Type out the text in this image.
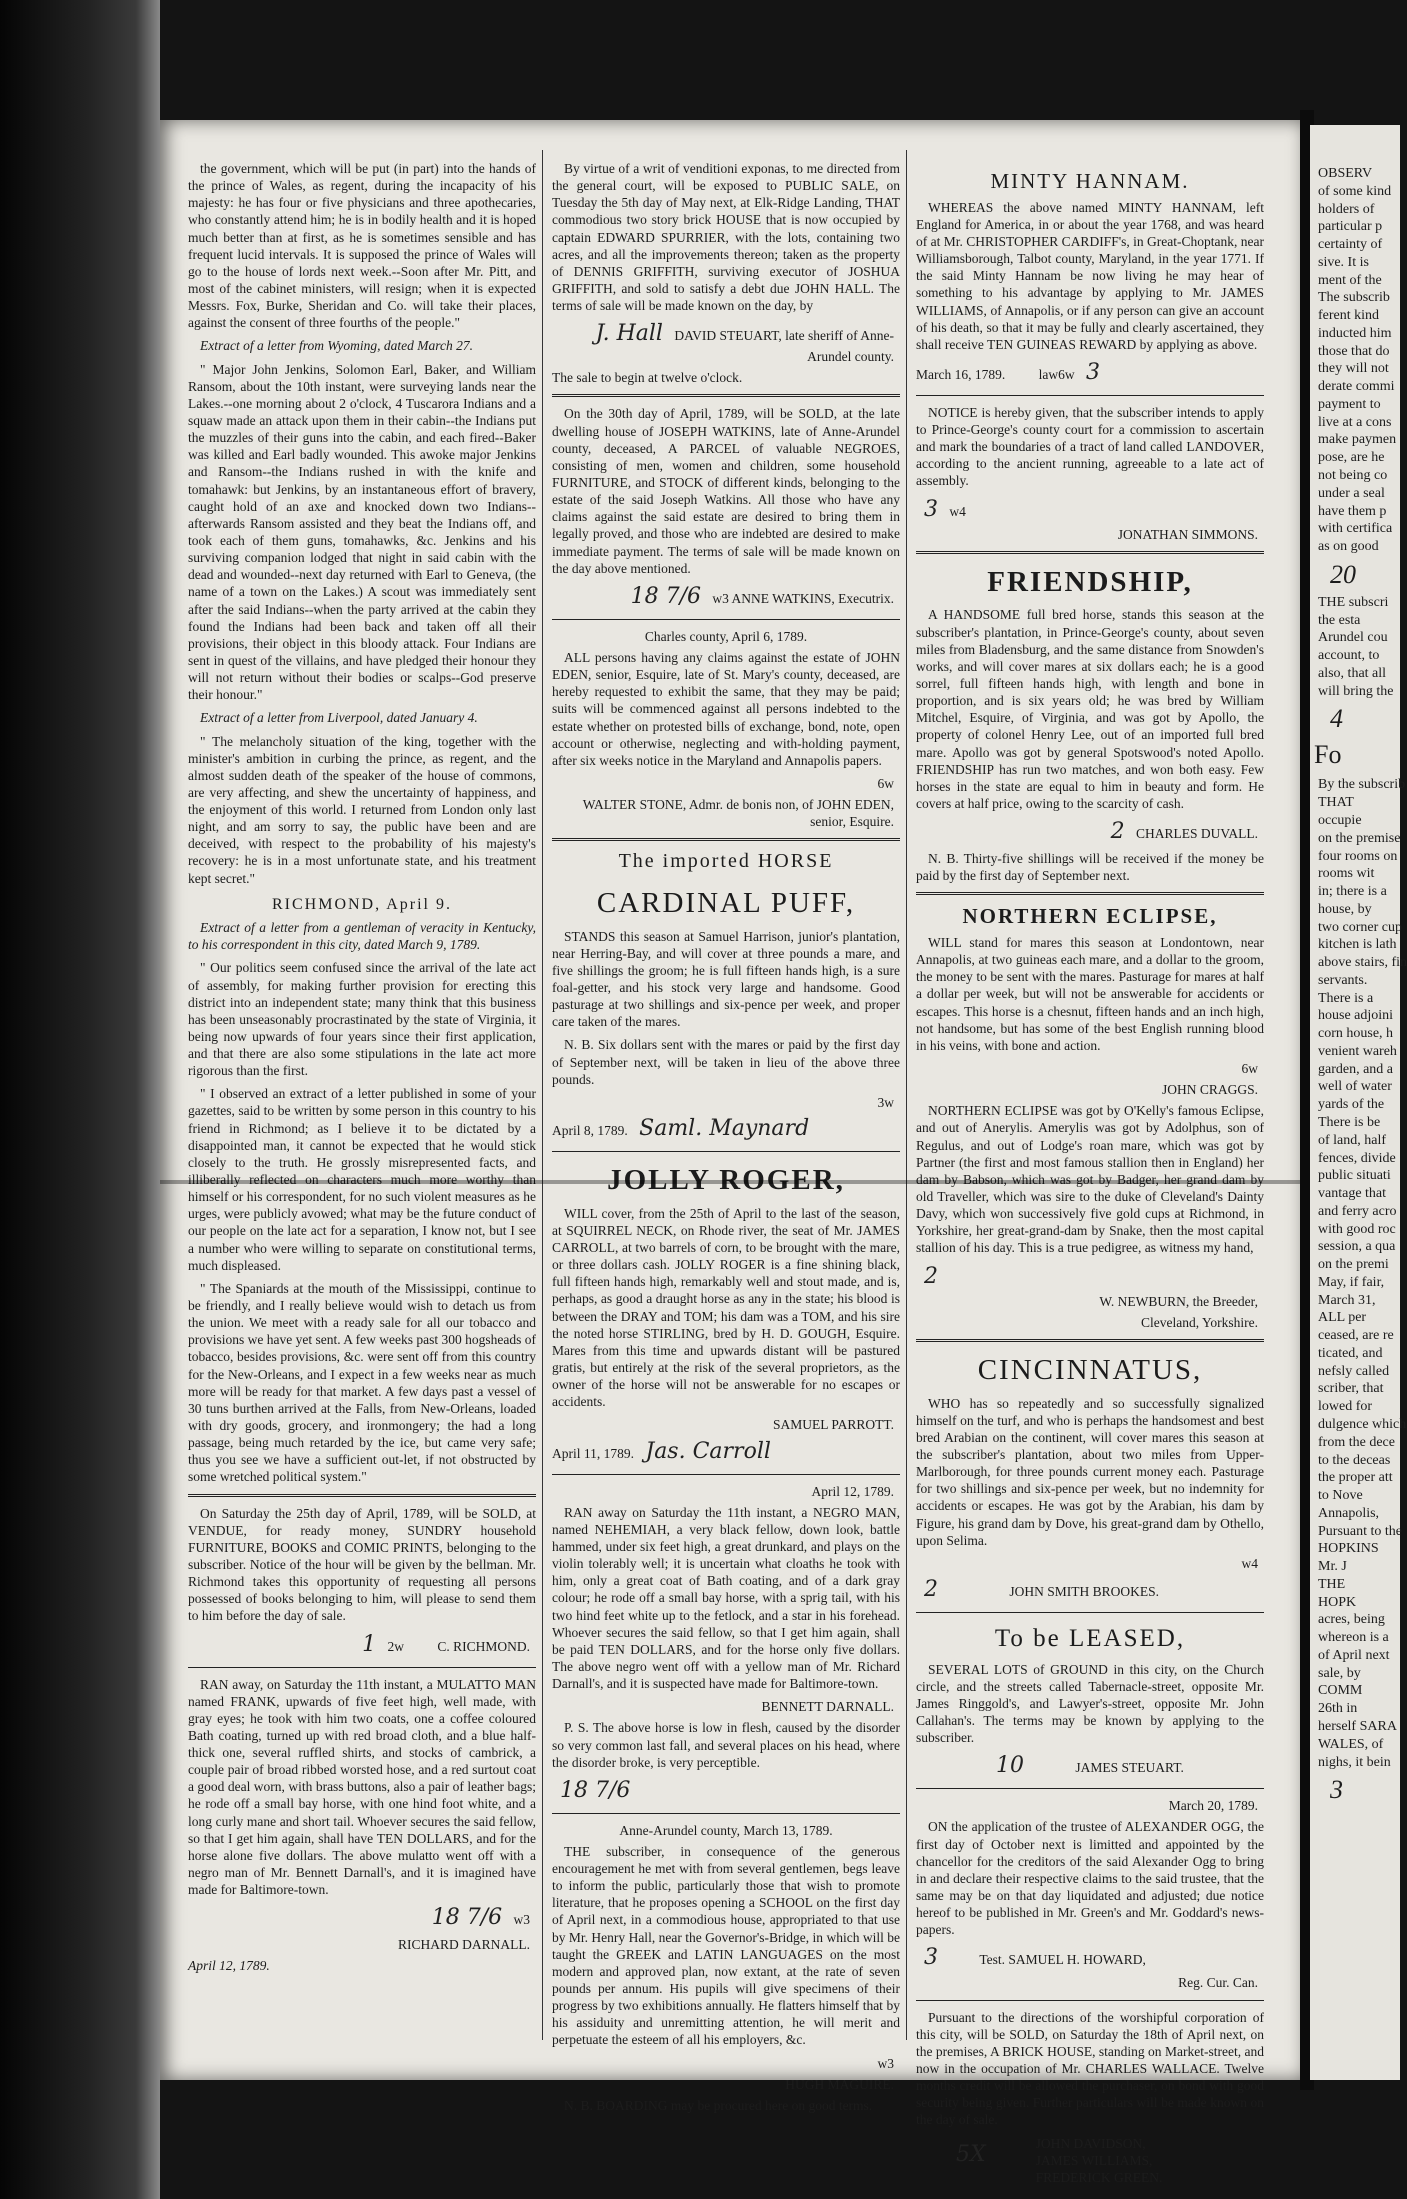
the government, which will be put (in part) into the hands of the prince of Wales, as regent, during the incapacity of his majesty: he has four or five physicians and three apothecaries, who constantly attend him; he is in bodily health and it is hoped much better than at first, as he is sometimes sensible and has frequent lucid intervals. It is supposed the prince of Wales will go to the house of lords next week.--Soon after Mr. Pitt, and most of the cabinet ministers, will resign; when it is expected Messrs. Fox, Burke, Sheridan and Co. will take their places, against the consent of three fourths of the people."

Extract of a letter from Wyoming, dated March 27.

" Major John Jenkins, Solomon Earl, Baker, and William Ransom, about the 10th instant, were surveying lands near the Lakes.--one morning about 2 o'clock, 4 Tuscarora Indians and a squaw made an attack upon them in their cabin--the Indians put the muzzles of their guns into the cabin, and each fired--Baker was killed and Earl badly wounded. This awoke major Jenkins and Ransom--the Indians rushed in with the knife and tomahawk: but Jenkins, by an instantaneous effort of bravery, caught hold of an axe and knocked down two Indians--afterwards Ransom assisted and they beat the Indians off, and took each of them guns, tomahawks, &c. Jenkins and his surviving companion lodged that night in said cabin with the dead and wounded--next day returned with Earl to Geneva, (the name of a town on the Lakes.) A scout was immediately sent after the said Indians--when the party arrived at the cabin they found the Indians had been back and taken off all their provisions, their object in this bloody attack. Four Indians are sent in quest of the villains, and have pledged their honour they will not return without their bodies or scalps--God preserve their honour."

Extract of a letter from Liverpool, dated January 4.

" The melancholy situation of the king, together with the minister's ambition in curbing the prince, as regent, and the almost sudden death of the speaker of the house of commons, are very affecting, and shew the uncertainty of happiness, and the enjoyment of this world. I returned from London only last night, and am sorry to say, the public have been and are deceived, with respect to the probability of his majesty's recovery: he is in a most unfortunate state, and his treatment kept secret."

RICHMOND, April 9.

Extract of a letter from a gentleman of veracity in Kentucky, to his correspondent in this city, dated March 9, 1789.

" Our politics seem confused since the arrival of the late act of assembly, for making further provision for erecting this district into an independent state; many think that this business has been unseasonably procrastinated by the state of Virginia, it being now upwards of four years since their first application, and that there are also some stipulations in the late act more rigorous than the first.

" I observed an extract of a letter published in some of your gazettes, said to be written by some person in this country to his friend in Richmond; as I believe it to be dictated by a disappointed man, it cannot be expected that he would stick closely to the truth. He grossly misrepresented facts, and illiberally reflected on characters much more worthy than himself or his correspondent, for no such violent measures as he urges, were publicly avowed; what may be the future conduct of our people on the late act for a separation, I know not, but I see a number who were willing to separate on constitutional terms, much displeased.

" The Spaniards at the mouth of the Mississippi, continue to be friendly, and I really believe would wish to detach us from the union. We meet with a ready sale for all our tobacco and provisions we have yet sent. A few weeks past 300 hogsheads of tobacco, besides provisions, &c. were sent off from this country for the New-Orleans, and I expect in a few weeks near as much more will be ready for that market. A few days past a vessel of 30 tuns burthen arrived at the Falls, from New-Orleans, loaded with dry goods, grocery, and ironmongery; the had a long passage, being much retarded by the ice, but came very safe; thus you see we have a sufficient out-let, if not obstructed by some wretched political system."

On Saturday the 25th day of April, 1789, will be SOLD, at VENDUE, for ready money, SUNDRY household FURNITURE, BOOKS and COMIC PRINTS, belonging to the subscriber. Notice of the hour will be given by the bellman. Mr. Richmond takes this opportunity of requesting all persons possessed of books belonging to him, will please to send them to him before the day of sale.

1 2w C. RICHMOND.

RAN away, on Saturday the 11th instant, a MULATTO MAN named FRANK, upwards of five feet high, well made, with gray eyes; he took with him two coats, one a coffee coloured Bath coating, turned up with red broad cloth, and a blue half-thick one, several ruffled shirts, and stocks of cambrick, a couple pair of broad ribbed worsted hose, and a red surtout coat a good deal worn, with brass buttons, also a pair of leather bags; he rode off a small bay horse, with one hind foot white, and a long curly mane and short tail. Whoever secures the said fellow, so that I get him again, shall have TEN DOLLARS, and for the horse alone five dollars. The above mulatto went off with a negro man of Mr. Bennett Darnall's, and it is imagined have made for Baltimore-town.

18 7/6 w3
RICHARD DARNALL.
April 12, 1789.

By virtue of a writ of venditioni exponas, to me directed from the general court, will be exposed to PUBLIC SALE, on Tuesday the 5th day of May next, at Elk-Ridge Landing, THAT commodious two story brick HOUSE that is now occupied by captain EDWARD SPURRIER, with the lots, containing two acres, and all the improvements thereon; taken as the property of DENNIS GRIFFITH, surviving executor of JOSHUA GRIFFITH, and sold to satisfy a debt due JOHN HALL. The terms of sale will be made known on the day, by

J. Hall DAVID STEUART, late sheriff of Anne-Arundel county.
The sale to begin at twelve o'clock.

On the 30th day of April, 1789, will be SOLD, at the late dwelling house of JOSEPH WATKINS, late of Anne-Arundel county, deceased, A PARCEL of valuable NEGROES, consisting of men, women and children, some household FURNITURE, and STOCK of different kinds, belonging to the estate of the said Joseph Watkins. All those who have any claims against the said estate are desired to bring them in legally proved, and those who are indebted are desired to make immediate payment. The terms of sale will be made known on the day above mentioned.

18 7/6 w3 ANNE WATKINS, Executrix.
Charles county, April 6, 1789.

ALL persons having any claims against the estate of JOHN EDEN, senior, Esquire, late of St. Mary's county, deceased, are hereby requested to exhibit the same, that they may be paid; suits will be commenced against all persons indebted to the estate whether on protested bills of exchange, bond, note, open account or otherwise, neglecting and with-holding payment, after six weeks notice in the Maryland and Annapolis papers.

6w
WALTER STONE, Admr. de bonis non, of JOHN EDEN, senior, Esquire.
The imported HORSE
CARDINAL PUFF,

STANDS this season at Samuel Harrison, junior's plantation, near Herring-Bay, and will cover at three pounds a mare, and five shillings the groom; he is full fifteen hands high, is a sure foal-getter, and his stock very large and handsome. Good pasturage at two shillings and six-pence per week, and proper care taken of the mares.

N. B. Six dollars sent with the mares or paid by the first day of September next, will be taken in lieu of the above three pounds.

3w
April 8, 1789. Saml. Maynard
JOLLY ROGER,

WILL cover, from the 25th of April to the last of the season, at SQUIRREL NECK, on Rhode river, the seat of Mr. JAMES CARROLL, at two barrels of corn, to be brought with the mare, or three dollars cash. JOLLY ROGER is a fine shining black, full fifteen hands high, remarkably well and stout made, and is, perhaps, as good a draught horse as any in the state; his blood is between the DRAY and TOM; his dam was a TOM, and his sire the noted horse STIRLING, bred by H. D. GOUGH, Esquire. Mares from this time and upwards distant will be pastured gratis, but entirely at the risk of the several proprietors, as the owner of the horse will not be answerable for no escapes or accidents.

SAMUEL PARROTT.
April 11, 1789. Jas. Carroll
April 12, 1789.

RAN away on Saturday the 11th instant, a NEGRO MAN, named NEHEMIAH, a very black fellow, down look, battle hammed, under six feet high, a great drunkard, and plays on the violin tolerably well; it is uncertain what cloaths he took with him, only a great coat of Bath coating, and of a dark gray colour; he rode off a small bay horse, with a sprig tail, with his two hind feet white up to the fetlock, and a star in his forehead. Whoever secures the said fellow, so that I get him again, shall be paid TEN DOLLARS, and for the horse only five dollars. The above negro went off with a yellow man of Mr. Richard Darnall's, and it is suspected have made for Baltimore-town.

BENNETT DARNALL.

P. S. The above horse is low in flesh, caused by the disorder so very common last fall, and several places on his head, where the disorder broke, is very perceptible.

18 7/6
Anne-Arundel county, March 13, 1789.

THE subscriber, in consequence of the generous encouragement he met with from several gentlemen, begs leave to inform the public, particularly those that wish to promote literature, that he proposes opening a SCHOOL on the first day of April next, in a commodious house, appropriated to that use by Mr. Henry Hall, near the Governor's-Bridge, in which will be taught the GREEK and LATIN LANGUAGES on the most modern and approved plan, now extant, at the rate of seven pounds per annum. His pupils will give specimens of their progress by two exhibitions annually. He flatters himself that by his assiduity and unremitting attention, he will merit and perpetuate the esteem of all his employers, &c.

w3
HUGH MAGUIRE.

N. B. BOARDING may be procured here on good terms.

MINTY HANNAM.

WHEREAS the above named MINTY HANNAM, left England for America, in or about the year 1768, and was heard of at Mr. CHRISTOPHER CARDIFF's, in Great-Choptank, near Williamsborough, Talbot county, Maryland, in the year 1771. If the said Minty Hannam be now living he may hear of something to his advantage by applying to Mr. JAMES WILLIAMS, of Annapolis, or if any person can give an account of his death, so that it may be fully and clearly ascertained, they shall receive TEN GUINEAS REWARD by applying as above.

March 16, 1789. law6w 3

NOTICE is hereby given, that the subscriber intends to apply to Prince-George's county court for a commission to ascertain and mark the boundaries of a tract of land called LANDOVER, according to the ancient running, agreeable to a late act of assembly.

3 w4
JONATHAN SIMMONS.
FRIENDSHIP,

A HANDSOME full bred horse, stands this season at the subscriber's plantation, in Prince-George's county, about seven miles from Bladensburg, and the same distance from Snowden's works, and will cover mares at six dollars each; he is a good sorrel, full fifteen hands high, with length and bone in proportion, and is six years old; he was bred by William Mitchel, Esquire, of Virginia, and was got by Apollo, the property of colonel Henry Lee, out of an imported full bred mare. Apollo was got by general Spotswood's noted Apollo. FRIENDSHIP has run two matches, and won both easy. Few horses in the state are equal to him in beauty and form. He covers at half price, owing to the scarcity of cash.

2 CHARLES DUVALL.

N. B. Thirty-five shillings will be received if the money be paid by the first day of September next.

NORTHERN ECLIPSE,

WILL stand for mares this season at Londontown, near Annapolis, at two guineas each mare, and a dollar to the groom, the money to be sent with the mares. Pasturage for mares at half a dollar per week, but will not be answerable for accidents or escapes. This horse is a chesnut, fifteen hands and an inch high, not handsome, but has some of the best English running blood in his veins, with bone and action.

6w
JOHN CRAGGS.

NORTHERN ECLIPSE was got by O'Kelly's famous Eclipse, and out of Anerylis. Amerylis was got by Adolphus, son of Regulus, and out of Lodge's roan mare, which was got by Partner (the first and most famous stallion then in England) her dam by Babson, which was got by Badger, her grand dam by old Traveller, which was sire to the duke of Cleveland's Dainty Davy, which won successively five gold cups at Richmond, in Yorkshire, her great-grand-dam by Snake, then the most capital stallion of his day. This is a true pedigree, as witness my hand,

2
W. NEWBURN, the Breeder,
Cleveland, Yorkshire.
CINCINNATUS,

WHO has so repeatedly and so successfully signalized himself on the turf, and who is perhaps the handsomest and best bred Arabian on the continent, will cover mares this season at the subscriber's plantation, about two miles from Upper-Marlborough, for three pounds current money each. Pasturage for two shillings and six-pence per week, but no indemnity for accidents or escapes. He was got by the Arabian, his dam by Figure, his grand dam by Dove, his great-grand dam by Othello, upon Selima.

w4
2	JOHN SMITH BROOKES.
To be LEASED,

SEVERAL LOTS of GROUND in this city, on the Church circle, and the streets called Tabernacle-street, opposite Mr. James Ringgold's, and Lawyer's-street, opposite Mr. John Callahan's. The terms may be known by applying to the subscriber.

10	JAMES STEUART.
March 20, 1789.

ON the application of the trustee of ALEXANDER OGG, the first day of October next is limitted and appointed by the chancellor for the creditors of the said Alexander Ogg to bring in and declare their respective claims to the said trustee, that the same may be on that day liquidated and adjusted; due notice hereof to be published in Mr. Green's and Mr. Goddard's news-papers.

3	Test. SAMUEL H. HOWARD,
Reg. Cur. Can.

Pursuant to the directions of the worshipful corporation of this city, will be SOLD, on Saturday the 18th of April next, on the premises, A BRICK HOUSE, standing on Market-street, and now in the occupation of Mr. CHARLES WALLACE. Twelve months credit will be allowed the purchaser, on bond with good security being given. Further particulars will be made known on the day of sale.

5X	JOHN DAVIDSON,
JAMES WILLIAMS,
FREDERICK GREEN.
OBSERV
of some kind
holders of
particular p
certainty of
sive. It is
ment of the
The subscrib
ferent kind
inducted him
those that do
they will not
derate commi
payment to
live at a cons
make paymen
pose, are he
not being co
under a seal
have them p
with certifica
as on good
20
THE subscri
the esta
Arundel cou
account, to
also, that all
will bring the
4
Fo
By the subscrib
THAT
occupie
on the premise
four rooms on
rooms wit
in; there is a
house, by
two corner cup
kitchen is lath
above stairs, fin
servants.
There is a
house adjoini
corn house, h
venient wareh
garden, and a
well of water
yards of the
There is be
of land, half
fences, divide
public situati
vantage that
and ferry acro
with good roc
session, a qua
on the premi
May, if fair,
March 31,
ALL per
ceased, are re
ticated, and
nefsly called
scriber, that
lowed for
dulgence which
from the dece
to the deceas
the proper att
to Nove
Annapolis,
Pursuant to the
HOPKINS
Mr. J
THE
HOPK
acres, being
whereon is a
of April next
sale, by
COMM
26th in
herself SARA
WALES, of
nighs, it bein
3
